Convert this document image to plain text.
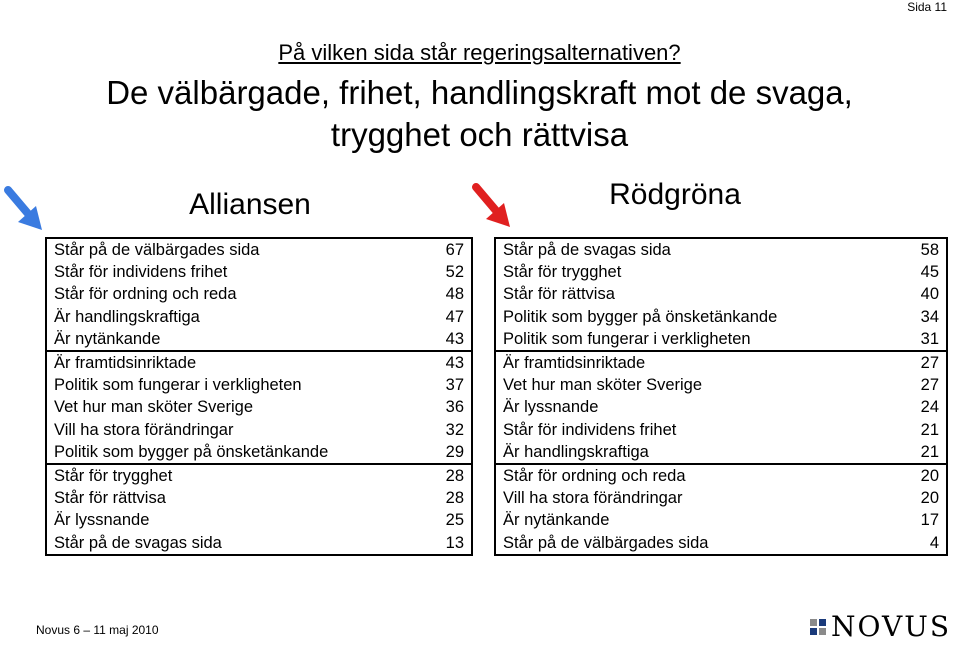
Sida 11
På vilken sida står regeringsalternativen?
De välbärgade, frihet, handlingskraft mot de svaga,
trygghet och rättvisa
Alliansen	Rödgröna
Står på de välbärgades sida	67
Står för individens frihet	52
Står för ordning och reda	48
Är handlingskraftiga	47
Är nytänkande	43
Är framtidsinriktade	43
Politik som fungerar i verkligheten	37
Vet hur man sköter Sverige	36
Vill ha stora förändringar	32
Politik som bygger på önsketänkande	29
Står för trygghet	28
Står för rättvisa	28
Är lyssnande	25
Står på de svagas sida	13
Står på de svagas sida	58
Står för trygghet	45
Står för rättvisa	40
Politik som bygger på önsketänkande	34
Politik som fungerar i verkligheten	31
Är framtidsinriktade	27
Vet hur man sköter Sverige	27
Är lyssnande	24
Står för individens frihet	21
Är handlingskraftiga	21
Står för ordning och reda	20
Vill ha stora förändringar	20
Är nytänkande	17
Står på de välbärgades sida	4
Novus 6 – 11 maj 2010	NOVUS
